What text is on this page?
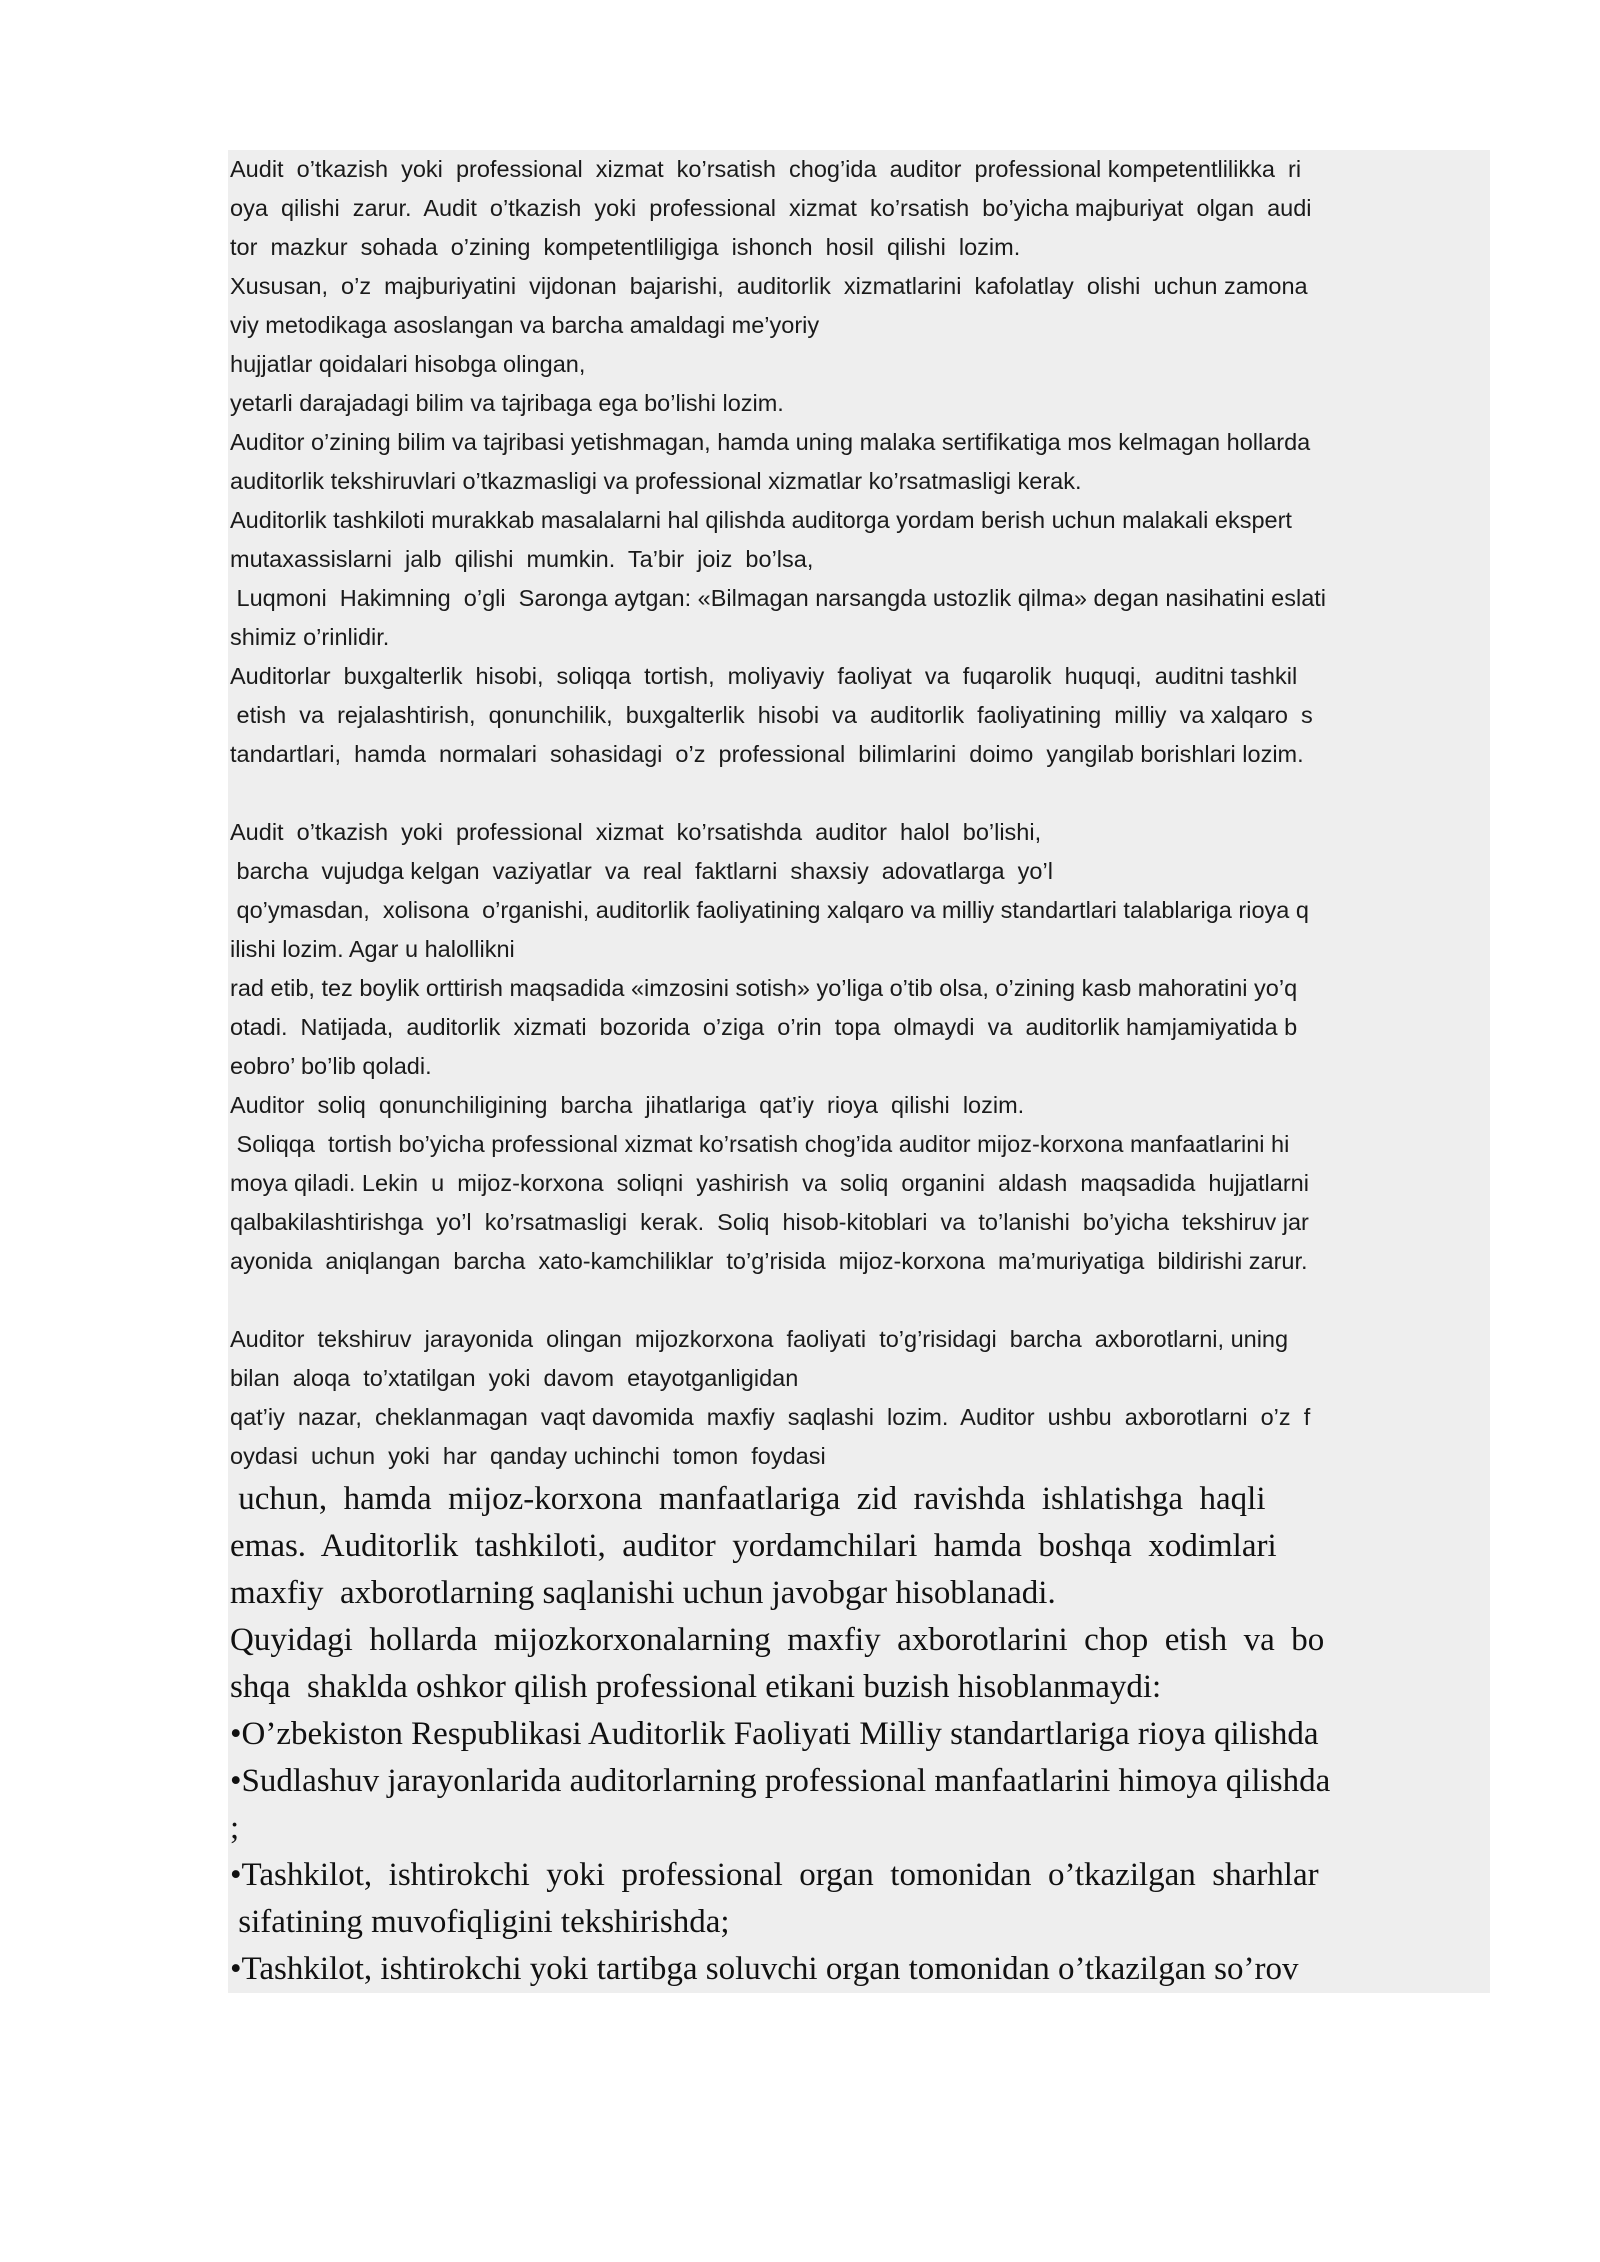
Audit  o’tkazish  yoki  professional  xizmat  ko’rsatish  chog’ida  auditor  professional kompetentlilikka  ri
oya  qilishi  zarur.  Audit  o’tkazish  yoki  professional  xizmat  ko’rsatish  bo’yicha majburiyat  olgan  audi
tor  mazkur  sohada  o’zining  kompetentliligiga  ishonch  hosil  qilishi  lozim.
Xususan,  o’z  majburiyatini  vijdonan  bajarishi,  auditorlik  xizmatlarini  kafolatlay  olishi  uchun zamona
viy metodikaga asoslangan va barcha amaldagi me’yoriy
hujjatlar qoidalari hisobga olingan,
yetarli darajadagi bilim va tajribaga ega bo’lishi lozim.
Auditor o’zining bilim va tajribasi yetishmagan, hamda uning malaka sertifikatiga mos kelmagan hollarda
auditorlik tekshiruvlari o’tkazmasligi va professional xizmatlar ko’rsatmasligi kerak.
Auditorlik tashkiloti murakkab masalalarni hal qilishda auditorga yordam berish uchun malakali ekspert
mutaxassislarni  jalb  qilishi  mumkin.  Ta’bir  joiz  bo’lsa,
Luqmoni  Hakimning  o’gli  Saronga aytgan: «Bilmagan narsangda ustozlik qilma» degan nasihatini eslati
shimiz o’rinlidir.
Auditorlar  buxgalterlik  hisobi,  soliqqa  tortish,  moliyaviy  faoliyat  va  fuqarolik  huquqi,  auditni tashkil
etish  va  rejalashtirish,  qonunchilik,  buxgalterlik  hisobi  va  auditorlik  faoliyatining  milliy  va xalqaro  s
tandartlari,  hamda  normalari  sohasidagi  o’z  professional  bilimlarini  doimo  yangilab borishlari lozim.
Audit  o’tkazish  yoki  professional  xizmat  ko’rsatishda  auditor  halol  bo’lishi,
barcha  vujudga kelgan  vaziyatlar  va  real  faktlarni  shaxsiy  adovatlarga  yo’l
qo’ymasdan,  xolisona  o’rganishi, auditorlik faoliyatining xalqaro va milliy standartlari talablariga rioya q
ilishi lozim. Agar u halollikni
rad etib, tez boylik orttirish maqsadida «imzosini sotish» yo’liga o’tib olsa, o’zining kasb mahoratini yo’q
otadi.  Natijada,  auditorlik  xizmati  bozorida  o’ziga  o’rin  topa  olmaydi  va  auditorlik hamjamiyatida b
eobro’ bo’lib qoladi.
Auditor  soliq  qonunchiligining  barcha  jihatlariga  qat’iy  rioya  qilishi  lozim.
Soliqqa  tortish bo’yicha professional xizmat ko’rsatish chog’ida auditor mijoz-korxona manfaatlarini hi
moya qiladi. Lekin  u  mijoz-korxona  soliqni  yashirish  va  soliq  organini  aldash  maqsadida  hujjatlarni
qalbakilashtirishga  yo’l  ko’rsatmasligi  kerak.  Soliq  hisob-kitoblari  va  to’lanishi  bo’yicha  tekshiruv jar
ayonida  aniqlangan  barcha  xato-kamchiliklar  to’g’risida  mijoz-korxona  ma’muriyatiga  bildirishi zarur.
Auditor  tekshiruv  jarayonida  olingan  mijozkorxona  faoliyati  to’g’risidagi  barcha  axborotlarni, uning
bilan  aloqa  to’xtatilgan  yoki  davom  etayotganligidan
qat’iy  nazar,  cheklanmagan  vaqt davomida  maxfiy  saqlashi  lozim.  Auditor  ushbu  axborotlarni  o’z  f
oydasi  uchun  yoki  har  qanday uchinchi  tomon  foydasi
uchun,  hamda  mijoz-korxona  manfaatlariga  zid  ravishda  ishlatishga  haqli
emas.  Auditorlik  tashkiloti,  auditor  yordamchilari  hamda  boshqa  xodimlari
maxfiy  axborotlarning saqlanishi uchun javobgar hisoblanadi.
Quyidagi  hollarda  mijozkorxonalarning  maxfiy  axborotlarini  chop  etish  va  bo
shqa  shaklda oshkor qilish professional etikani buzish hisoblanmaydi:
•O’zbekiston Respublikasi Auditorlik Faoliyati Milliy standartlariga rioya qilishda
•Sudlashuv jarayonlarida auditorlarning professional manfaatlarini himoya qilishda
;
•Tashkilot,  ishtirokchi  yoki  professional  organ  tomonidan  o’tkazilgan  sharhlar
sifatining muvofiqligini tekshirishda;
•Tashkilot, ishtirokchi yoki tartibga soluvchi organ tomonidan o’tkazilgan so’rov
